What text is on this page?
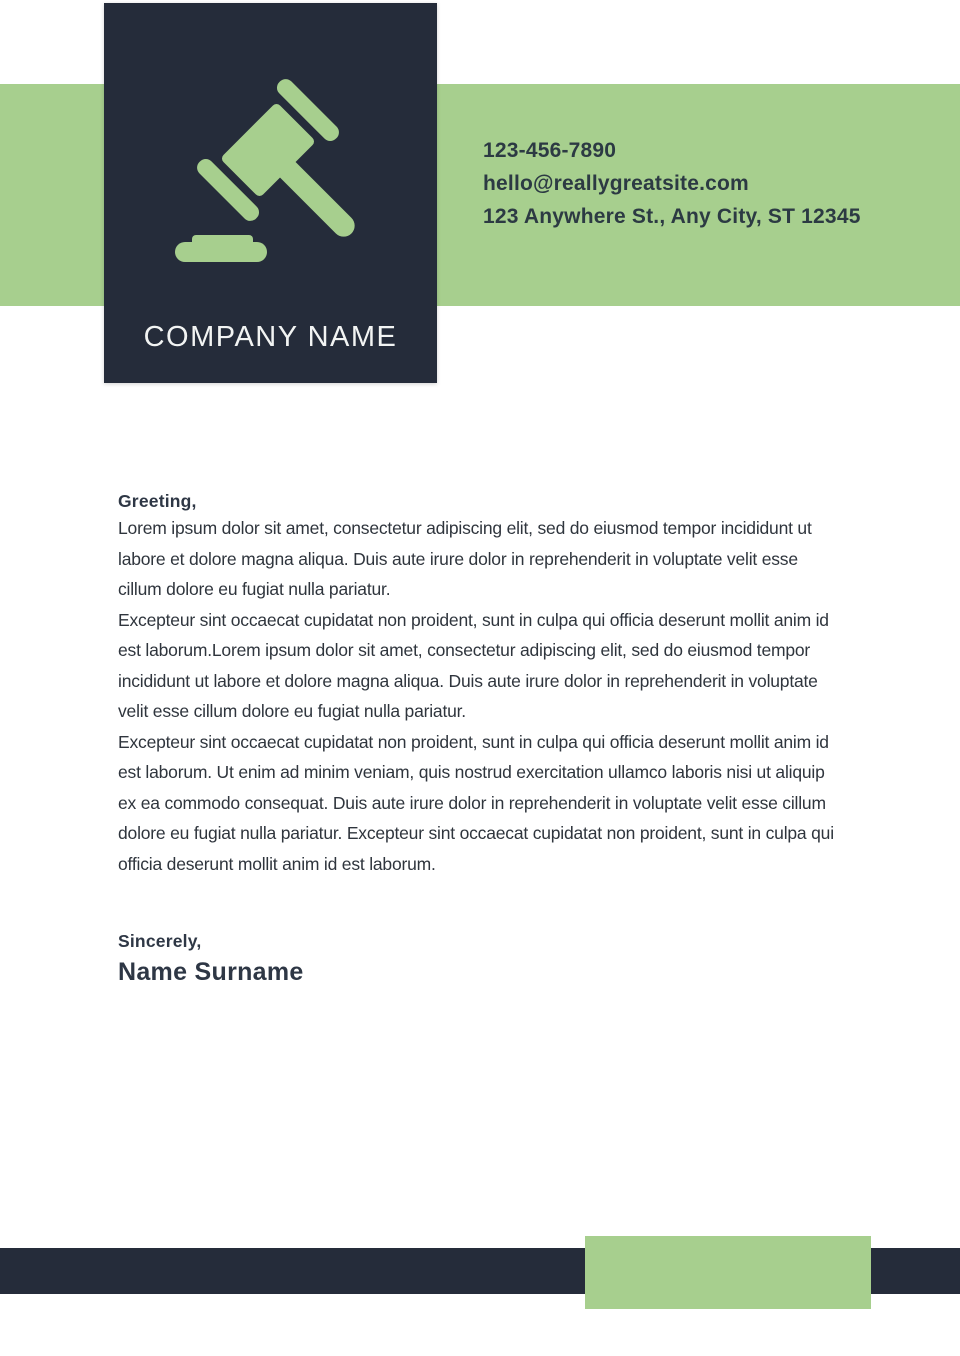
COMPANY NAME
123-456-7890
hello@reallygreatsite.com
123 Anywhere St., Any City, ST 12345
Greeting,

Lorem ipsum dolor sit amet, consectetur adipiscing elit, sed do eiusmod tempor incididunt ut labore et dolore magna aliqua. Duis aute irure dolor in reprehenderit in voluptate velit esse cillum dolore eu fugiat nulla pariatur.

Excepteur sint occaecat cupidatat non proident, sunt in culpa qui officia deserunt mollit anim id est laborum.Lorem ipsum dolor sit amet, consectetur adipiscing elit, sed do eiusmod tempor incididunt ut labore et dolore magna aliqua. Duis aute irure dolor in reprehenderit in voluptate velit esse cillum dolore eu fugiat nulla pariatur.

Excepteur sint occaecat cupidatat non proident, sunt in culpa qui officia deserunt mollit anim id est laborum. Ut enim ad minim veniam, quis nostrud exercitation ullamco laboris nisi ut aliquip ex ea commodo consequat. Duis aute irure dolor in reprehenderit in voluptate velit esse cillum dolore eu fugiat nulla pariatur. Excepteur sint occaecat cupidatat non proident, sunt in culpa qui officia deserunt mollit anim id est laborum.

Sincerely,
Name Surname
